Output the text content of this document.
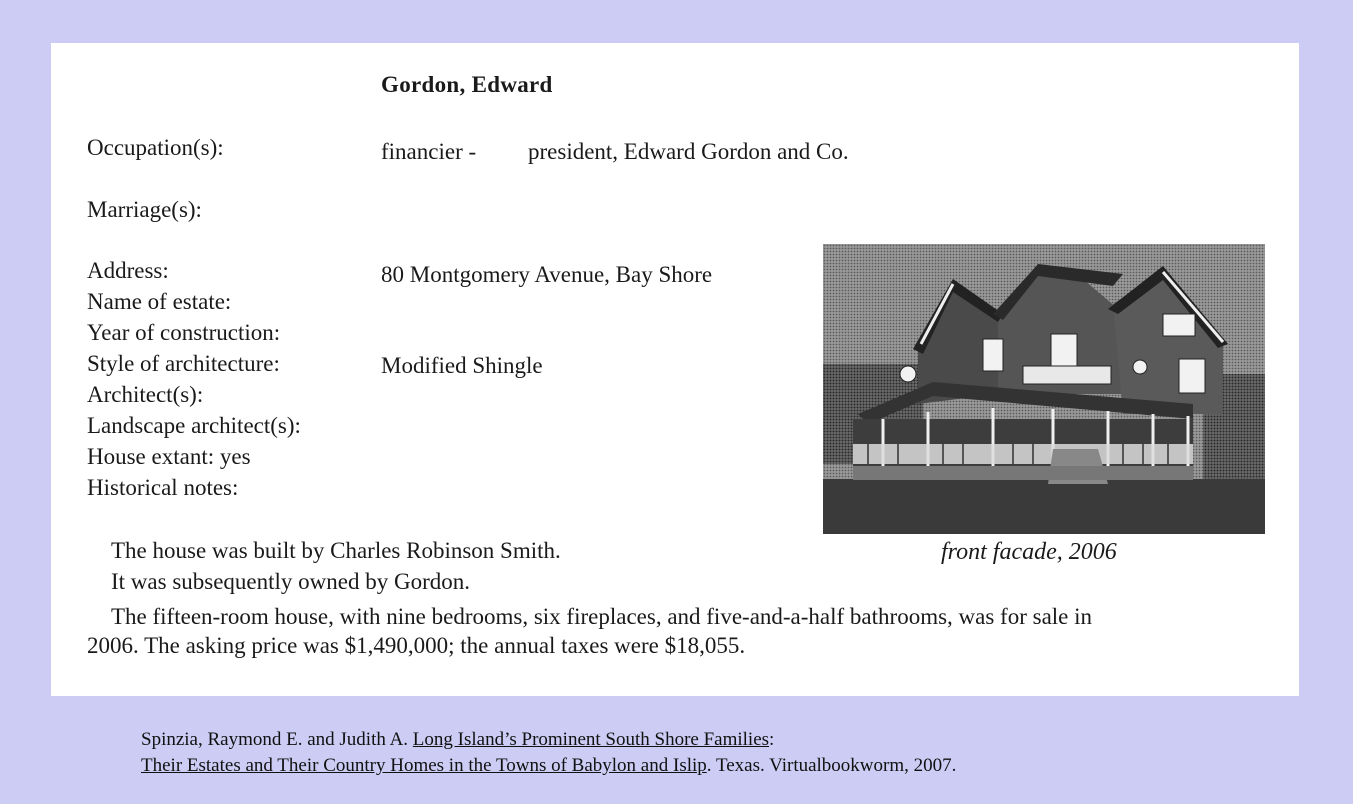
Gordon, Edward
Occupation(s):	financier - president, Edward Gordon and Co.
Marriage(s):
Address:	80 Montgomery Avenue, Bay Shore
Name of estate:
Year of construction:
Style of architecture:	Modified Shingle
Architect(s):
Landscape architect(s):
House extant: yes
Historical notes:
The house was built by Charles Robinson Smith.
It was subsequently owned by Gordon.
The fifteen-room house, with nine bedrooms, six fireplaces, and five-and-a-half bathrooms, was for sale in
2006. The asking price was $1,490,000; the annual taxes were $18,055.
front facade, 2006
Spinzia, Raymond E. and Judith A. Long Island’s Prominent South Shore Families:
Their Estates and Their Country Homes in the Towns of Babylon and Islip. Texas. Virtualbookworm, 2007.
